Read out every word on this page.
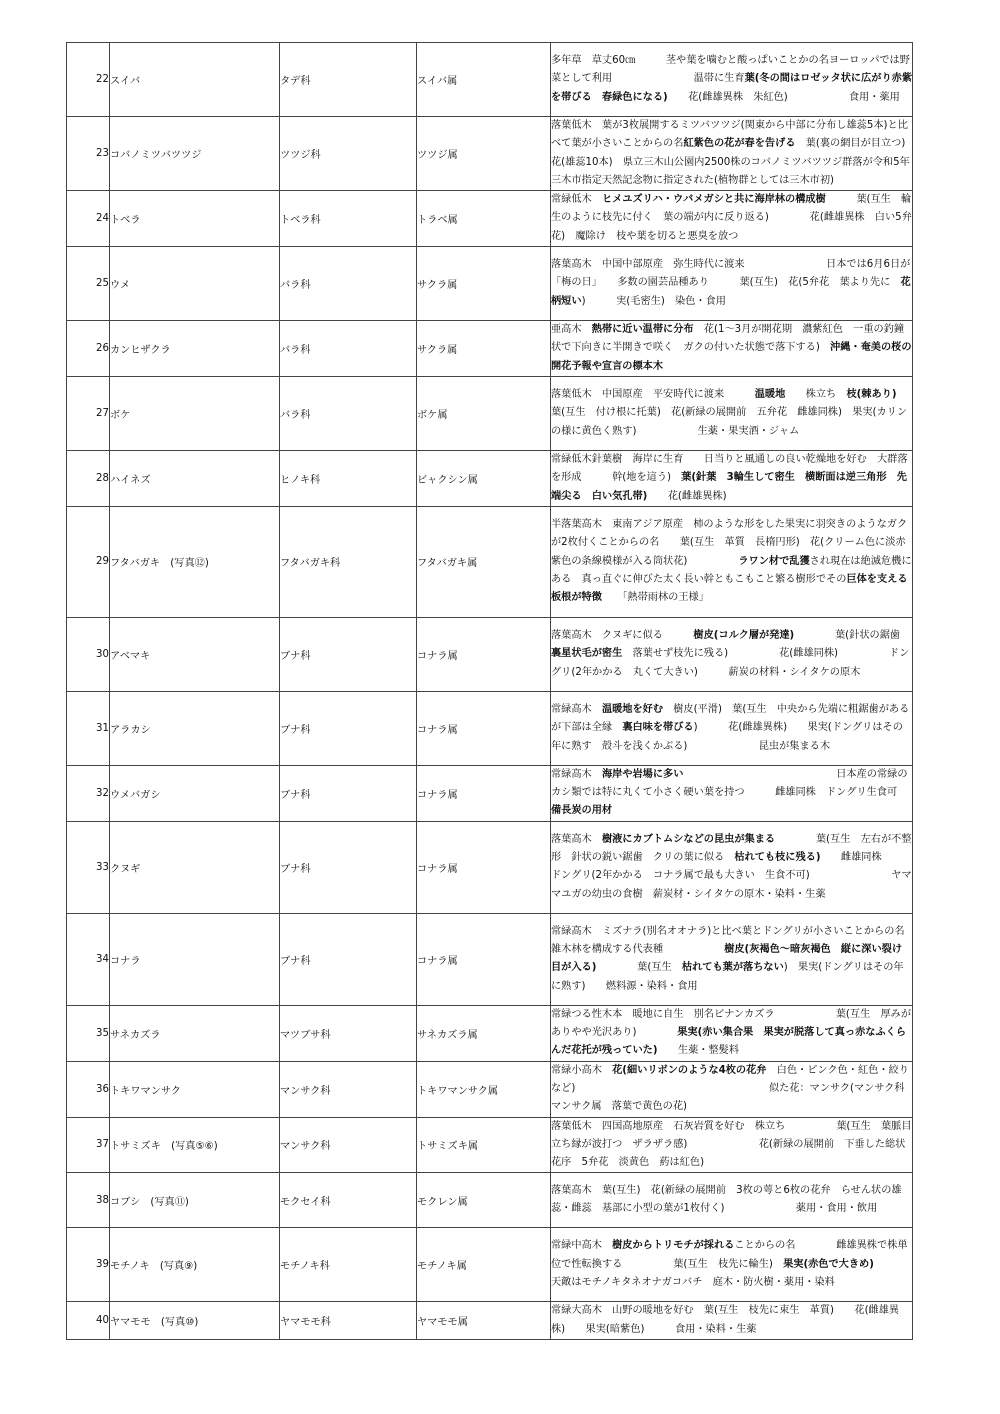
22	スイバ	タデ科	スイバ属	多年草　草丈60㎝　　　茎や葉を噛むと酸っぱいことかの名ヨーロッパでは野菜として利用　　　　　　　　温帯に生育葉(冬の間はロゼッタ状に広がり赤紫を帯びる　春緑色になる)　　花(雌雄異株　朱紅色)　　　　　　食用・薬用
23	コバノミツバツツジ	ツツジ科	ツツジ属	落葉低木　葉が3枚展開するミツバツツジ(関東から中部に分布し雄蕊5本)と比べて葉が小さいことからの名紅紫色の花が春を告げる　葉(裏の網目が目立つ)　花(雄蕊10本)　県立三木山公園内2500株のコバノミツバツツジ群落が令和5年三木市指定天然記念物に指定された(植物群としては三木市初)
24	トベラ	トベラ科	トラベ属	常緑低木　ヒメユズリハ・ウバメガシと共に海岸林の構成樹　　　葉(互生　輪生のように枝先に付く　葉の端が内に反り返る)　　　　花(雌雄異株　白い5弁花)　魔除け　枝や葉を切ると悪臭を放つ
25	ウメ	バラ科	サクラ属	落葉高木　中国中部原産　弥生時代に渡来　　　　　　　　日本では6月6日が「梅の日」　　多数の園芸品種あり　　　葉(互生)　花(5弁花　葉より先に　花柄短い)　　　実(毛密生)　染色・食用
26	カンヒザクラ	バラ科	サクラ属	亜高木　熱帯に近い温帯に分布　花(1～3月が開花期　濃紫紅色　一重の釣鐘状で下向きに半開きで咲く　ガクの付いた状態で落下する)　沖縄・奄美の桜の開花予報や宣言の標本木
27	ボケ	バラ科	ボケ属	落葉低木　中国原産　平安時代に渡来　　　温暖地　　株立ち　枝(棘あり)　葉(互生　付け根に托葉)　花(新緑の展開前　五弁花　雌雄同株)　果実(カリンの様に黄色く熟す)　　　　　　生薬・果実酒・ジャム
28	ハイネズ	ヒノキ科	ビャクシン属	常緑低木針葉樹　海岸に生育　　日当りと風通しの良い乾燥地を好む　大群落を形成　　　幹(地を這う)　葉(針葉　3輪生して密生　横断面は逆三角形　先端尖る　白い気孔帯)　　花(雌雄異株)
29	フタバガキ　(写真⑫)	フタバガキ科	フタバガキ属	半落葉高木　東南アジア原産　柿のような形をした果実に羽突きのようなガクが2枚付くことからの名　　葉(互生　革質　長楕円形)　花(クリーム色に淡赤紫色の条線模様が入る筒状花)　　　　　ラワン材で乱獲され現在は絶滅危機にある　真っ直ぐに伸びた太く長い幹ともこもこと繁る樹形でその巨体を支える板根が特徴　　「熱帯雨林の王様」
30	アベマキ	ブナ科	コナラ属	落葉高木　クヌギに似る　　　樹皮(コルク層が発達)　　　　葉(針状の鋸歯　裏星状毛が密生　落葉せず枝先に残る)　　　　　花(雌雄同株)　　　　　ドングリ(2年かかる　丸くて大きい)　　　薪炭の材料・シイタケの原木
31	アラカシ	ブナ科	コナラ属	常緑高木　温暖地を好む　樹皮(平滑)　葉(互生　中央から先端に粗鋸歯があるが下部は全縁　裏白味を帯びる)　　　花(雌雄異株)　　果実(ドングリはその年に熟す　殻斗を浅くかぶる)　　　　　　　昆虫が集まる木
32	ウメバガシ	ブナ科	コナラ属	常緑高木　海岸や岩場に多い　　　　　　　　　　　　　　　日本産の常緑のカシ類では特に丸くて小さく硬い葉を持つ　　　雌雄同株　ドングリ生食可　備長炭の用材
33	クヌギ	ブナ科	コナラ属	落葉高木　樹液にカブトムシなどの昆虫が集まる　　　　葉(互生　左右が不整形　針状の鋭い鋸歯　クリの葉に似る　枯れても枝に残る)　　雌雄同株　　　ドングリ(2年かかる　コナラ属で最も大きい　生食不可)　　　　　　　　ヤママユガの幼虫の食樹　薪炭材・シイタケの原木・染料・生薬
34	コナラ	ブナ科	コナラ属	常緑高木　ミズナラ(別名オオナラ)と比べ葉とドングリが小さいことからの名　雑木林を構成する代表種　　　　　　樹皮(灰褐色～暗灰褐色　縦に深い裂け目が入る)　　　　葉(互生　枯れても葉が落ちない)　果実(ドングリはその年に熟す)　　燃料源・染料・食用
35	サネカズラ	マツブサ科	サネカズラ属	常緑つる性木本　暖地に自生　別名ビナンカズラ　　　　　　葉(互生　厚みがありやや光沢あり)　　　　果実(赤い集合果　果実が脱落して真っ赤なふくらんだ花托が残っていた)　　生薬・整髪料
36	トキワマンサク	マンサク科	トキワマンサク属	常緑小高木　花(細いリボンのような4枚の花弁　白色・ピンク色・紅色・絞りなど)　　　　　　　　　　　　　　　　　　　似た花：マンサク(マンサク科マンサク属　落葉で黄色の花)
37	トサミズキ　(写真⑤⑥)	マンサク科	トサミズキ属	落葉低木　四国高地原産　石灰岩質を好む　株立ち　　　　　葉(互生　葉脈目立ち縁が波打つ　ザラザラ感)　　　　　　　花(新緑の展開前　下垂した総状花序　5弁花　淡黄色　葯は紅色)
38	コブシ　(写真⑪)	モクセイ科	モクレン属	落葉高木　葉(互生)　花(新緑の展開前　3枚の萼と6枚の花弁　らせん状の雄蕊・雌蕊　基部に小型の葉が1枚付く)　　　　　　　薬用・食用・飲用
39	モチノキ　(写真⑨)	モチノキ科	モチノキ属	常緑中高木　樹皮からトリモチが採れることからの名　　　　雌雄異株で株単位で性転換する　　　　　葉(互生　枝先に輪生)　果実(赤色で大きめ)　　　　　天敵はモチノキタネオナガコバチ　庭木・防火樹・薬用・染料
40	ヤマモモ　(写真⑩)	ヤマモモ科	ヤマモモ属	常緑大高木　山野の暖地を好む　葉(互生　枝先に束生　革質)　　花(雌雄異株)　　果実(暗紫色)　　　食用・染料・生薬
